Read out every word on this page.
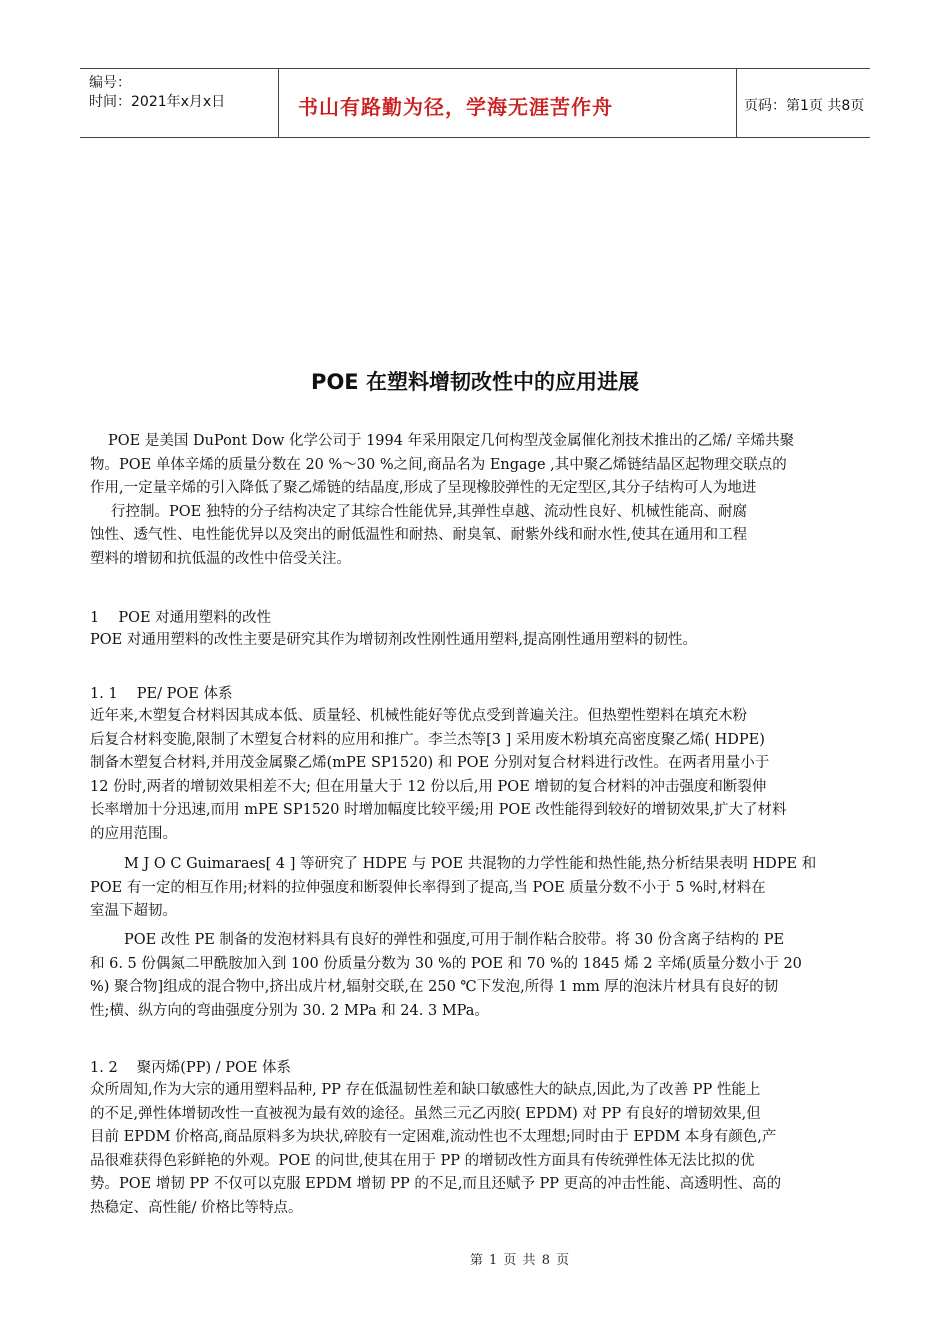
编号：
时间：2021年x月x日	书山有路勤为径，学海无涯苦作舟	页码：第1页 共8页
POE 在塑料增韧改性中的应用进展
POE 是美国 DuPont Dow 化学公司于 1994 年采用限定几何构型茂金属催化剂技术推出的乙烯/ 辛烯共聚
物。POE 单体辛烯的质量分数在 20 %～30 %之间,商品名为 Engage ,其中聚乙烯链结晶区起物理交联点的
作用,一定量辛烯的引入降低了聚乙烯链的结晶度,形成了呈现橡胶弹性的无定型区,其分子结构可人为地进
行控制。POE 独特的分子结构决定了其综合性能优异,其弹性卓越、流动性良好、机械性能高、耐腐
蚀性、透气性、电性能优异以及突出的耐低温性和耐热、耐臭氧、耐紫外线和耐水性,使其在通用和工程
塑料的增韧和抗低温的改性中倍受关注。
1　 POE 对通用塑料的改性
POE 对通用塑料的改性主要是研究其作为增韧剂改性刚性通用塑料,提高刚性通用塑料的韧性。
1. 1　 PE/ POE 体系
近年来,木塑复合材料因其成本低、质量轻、机械性能好等优点受到普遍关注。但热塑性塑料在填充木粉
后复合材料变脆,限制了木塑复合材料的应用和推广。李兰杰等[3 ] 采用废木粉填充高密度聚乙烯( HDPE)
制备木塑复合材料,并用茂金属聚乙烯(mPE SP1520) 和 POE 分别对复合材料进行改性。在两者用量小于
12 份时,两者的增韧效果相差不大; 但在用量大于 12 份以后,用 POE 增韧的复合材料的冲击强度和断裂伸
长率增加十分迅速,而用 mPE SP1520 时增加幅度比较平缓;用 POE 改性能得到较好的增韧效果,扩大了材料
的应用范围。
M J O C Guimaraes[ 4 ] 等研究了 HDPE 与 POE 共混物的力学性能和热性能,热分析结果表明 HDPE 和
POE 有一定的相互作用;材料的拉伸强度和断裂伸长率得到了提高,当 POE 质量分数不小于 5 %时,材料在
室温下超韧。
POE 改性 PE 制备的发泡材料具有良好的弹性和强度,可用于制作粘合胶带。将 30 份含离子结构的 PE
和 6. 5 份偶氮二甲酰胺加入到 100 份质量分数为 30 %的 POE 和 70 %的 1845 烯 2 辛烯(质量分数小于 20
%) 聚合物]组成的混合物中,挤出成片材,辐射交联,在 250 ℃下发泡,所得 1 mm 厚的泡沫片材具有良好的韧
性;横、纵方向的弯曲强度分别为 30. 2 MPa 和 24. 3 MPa。
1. 2　 聚丙烯(PP) / POE 体系
众所周知,作为大宗的通用塑料品种, PP 存在低温韧性差和缺口敏感性大的缺点,因此,为了改善 PP 性能上
的不足,弹性体增韧改性一直被视为最有效的途径。虽然三元乙丙胶( EPDM) 对 PP 有良好的增韧效果,但
目前 EPDM 价格高,商品原料多为块状,碎胶有一定困难,流动性也不太理想;同时由于 EPDM 本身有颜色,产
品很难获得色彩鲜艳的外观。POE 的问世,使其在用于 PP 的增韧改性方面具有传统弹性体无法比拟的优
势。POE 增韧 PP 不仅可以克服 EPDM 增韧 PP 的不足,而且还赋予 PP 更高的冲击性能、高透明性、高的
热稳定、高性能/ 价格比等特点。
第 1 页 共 8 页
